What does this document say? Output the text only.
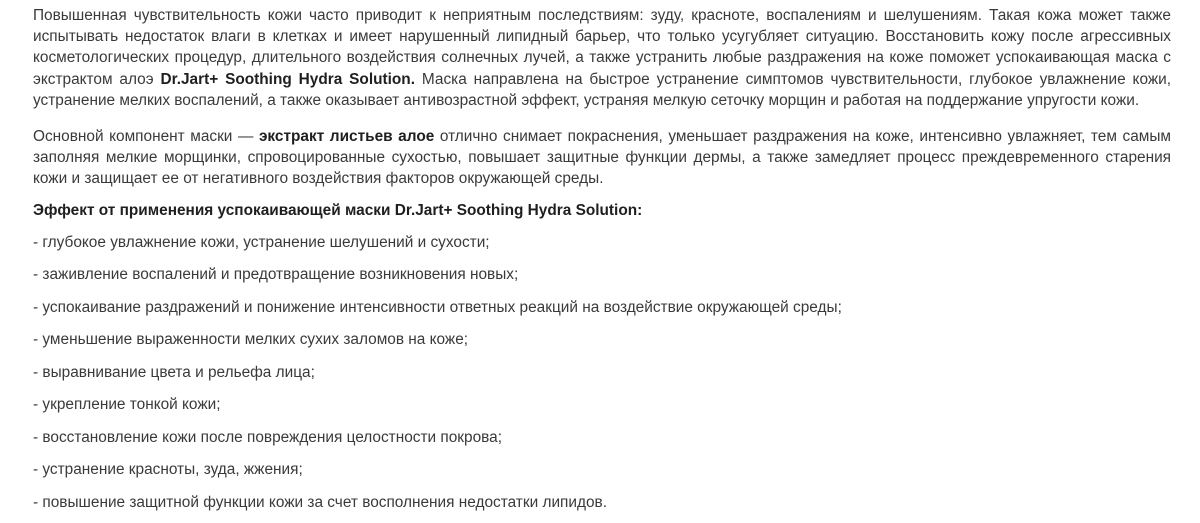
Повышенная чувствительность кожи часто приводит к неприятным последствиям: зуду, красноте, воспалениям и шелушениям. Такая кожа может также испытывать недостаток влаги в клетках и имеет нарушенный липидный барьер, что только усугубляет ситуацию. Восстановить кожу после агрессивных косметологических процедур, длительного воздействия солнечных лучей, а также устранить любые раздражения на коже поможет успокаивающая маска с экстрактом алоэ Dr.Jart+ Soothing Hydra Solution. Маска направлена на быстрое устранение симптомов чувствительности, глубокое увлажнение кожи, устранение мелких воспалений, а также оказывает антивозрастной эффект, устраняя мелкую сеточку морщин и работая на поддержание упругости кожи.

Основной компонент маски — экстракт листьев алое отлично снимает покраснения, уменьшает раздражения на коже, интенсивно увлажняет, тем самым заполняя мелкие морщинки, спровоцированные сухостью, повышает защитные функции дермы, а также замедляет процесс преждевременного старения кожи и защищает ее от негативного воздействия факторов окружающей среды.

Эффект от применения успокаивающей маски Dr.Jart+ Soothing Hydra Solution:
- глубокое увлажнение кожи, устранение шелушений и сухости;
- заживление воспалений и предотвращение возникновения новых;
- успокаивание раздражений и понижение интенсивности ответных реакций на воздействие окружающей среды;
- уменьшение выраженности мелких сухих заломов на коже;
- выравнивание цвета и рельефа лица;
- укрепление тонкой кожи;
- восстановление кожи после повреждения целостности покрова;
- устранение красноты, зуда, жжения;
- повышение защитной функции кожи за счет восполнения недостатки липидов.
